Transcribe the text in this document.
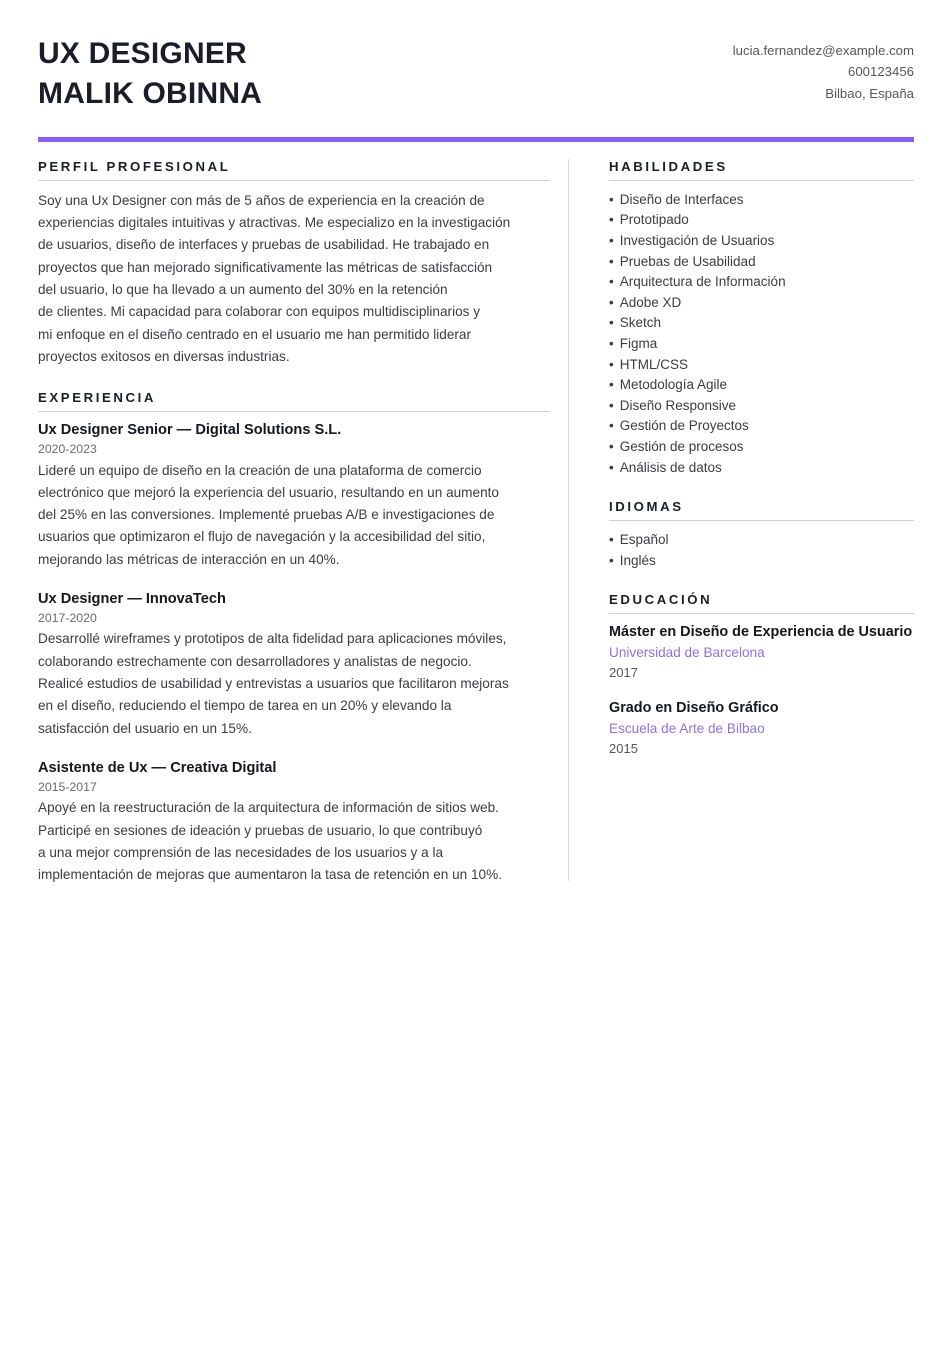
UX DESIGNER
MALIK OBINNA
lucia.fernandez@example.com
600123456
Bilbao, España
PERFIL PROFESIONAL

Soy una Ux Designer con más de 5 años de experiencia en la creación de
experiencias digitales intuitivas y atractivas. Me especializo en la investigación
de usuarios, diseño de interfaces y pruebas de usabilidad. He trabajado en
proyectos que han mejorado significativamente las métricas de satisfacción
del usuario, lo que ha llevado a un aumento del 30% en la retención
de clientes. Mi capacidad para colaborar con equipos multidisciplinarios y
mi enfoque en el diseño centrado en el usuario me han permitido liderar
proyectos exitosos en diversas industrias.

EXPERIENCIA

Ux Designer Senior — Digital Solutions S.L.

2020-2023

Lideré un equipo de diseño en la creación de una plataforma de comercio
electrónico que mejoró la experiencia del usuario, resultando en un aumento
del 25% en las conversiones. Implementé pruebas A/B e investigaciones de
usuarios que optimizaron el flujo de navegación y la accesibilidad del sitio,
mejorando las métricas de interacción en un 40%.

Ux Designer — InnovaTech

2017-2020

Desarrollé wireframes y prototipos de alta fidelidad para aplicaciones móviles,
colaborando estrechamente con desarrolladores y analistas de negocio.
Realicé estudios de usabilidad y entrevistas a usuarios que facilitaron mejoras
en el diseño, reduciendo el tiempo de tarea en un 20% y elevando la
satisfacción del usuario en un 15%.

Asistente de Ux — Creativa Digital

2015-2017

Apoyé en la reestructuración de la arquitectura de información de sitios web.
Participé en sesiones de ideación y pruebas de usuario, lo que contribuyó
a una mejor comprensión de las necesidades de los usuarios y a la
implementación de mejoras que aumentaron la tasa de retención en un 10%.

HABILIDADES
• Diseño de Interfaces
• Prototipado
• Investigación de Usuarios
• Pruebas de Usabilidad
• Arquitectura de Información
• Adobe XD
• Sketch
• Figma
• HTML/CSS
• Metodología Agile
• Diseño Responsive
• Gestión de Proyectos
• Gestión de procesos
• Análisis de datos
IDIOMAS
• Español
• Inglés
EDUCACIÓN

Máster en Diseño de Experiencia de Usuario

Universidad de Barcelona

2017

Grado en Diseño Gráfico

Escuela de Arte de Bilbao

2015
